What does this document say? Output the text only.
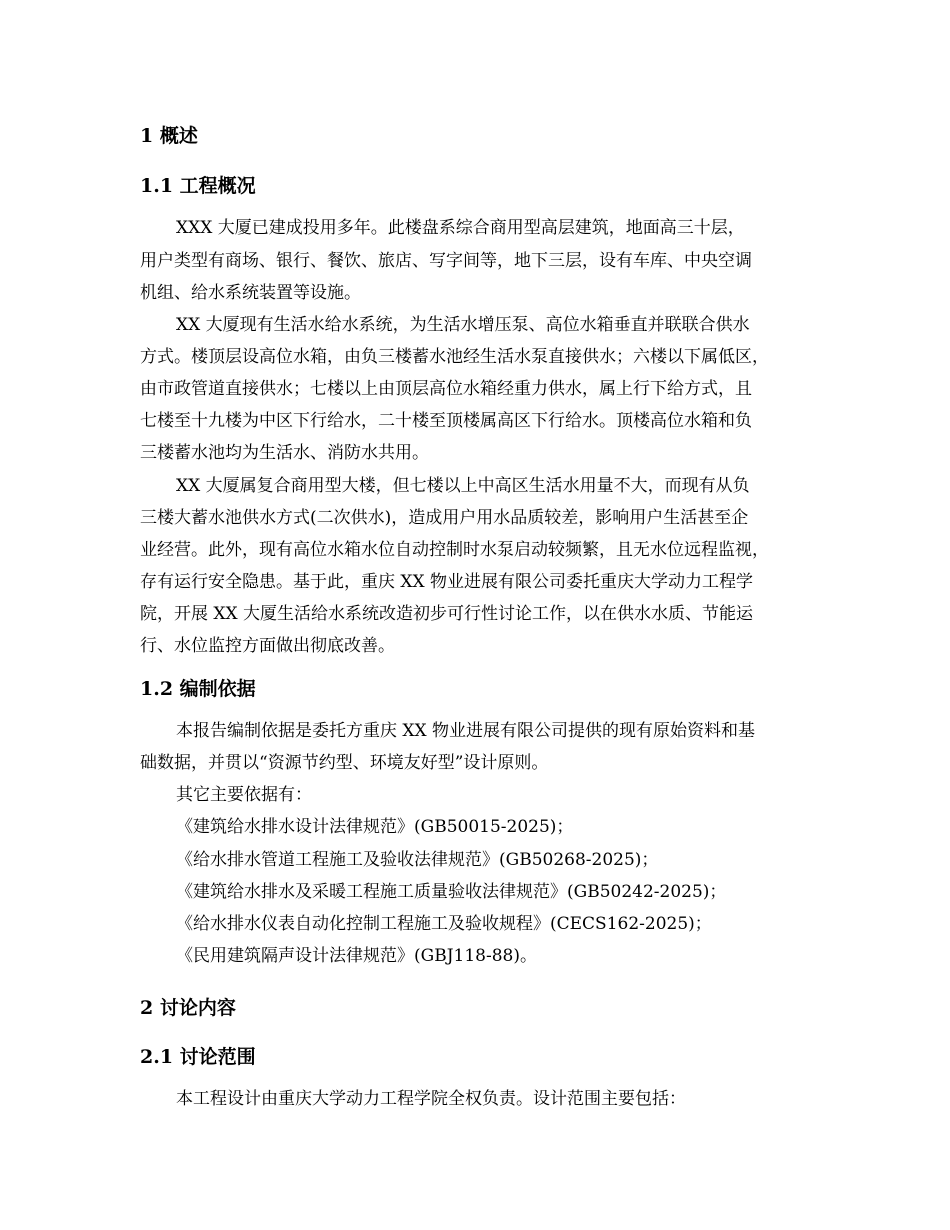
1 概述
1.1 工程概况
XXX 大厦已建成投用多年。此楼盘系综合商用型高层建筑，地面高三十层，
用户类型有商场、银行、餐饮、旅店、写字间等，地下三层，设有车库、中央空调
机组、给水系统装置等设施。
XX 大厦现有生活水给水系统，为生活水增压泵、高位水箱垂直并联联合供水
方式。楼顶层设高位水箱，由负三楼蓄水池经生活水泵直接供水；六楼以下属低区，
由市政管道直接供水；七楼以上由顶层高位水箱经重力供水，属上行下给方式，且
七楼至十九楼为中区下行给水，二十楼至顶楼属高区下行给水。顶楼高位水箱和负
三楼蓄水池均为生活水、消防水共用。
XX 大厦属复合商用型大楼，但七楼以上中高区生活水用量不大，而现有从负
三楼大蓄水池供水方式(二次供水)，造成用户用水品质较差，影响用户生活甚至企
业经营。此外，现有高位水箱水位自动控制时水泵启动较频繁，且无水位远程监视，
存有运行安全隐患。基于此，重庆 XX 物业进展有限公司委托重庆大学动力工程学
院，开展 XX 大厦生活给水系统改造初步可行性讨论工作，以在供水水质、节能运
行、水位监控方面做出彻底改善。
1.2 编制依据
本报告编制依据是委托方重庆 XX 物业进展有限公司提供的现有原始资料和基
础数据，并贯以“资源节约型、环境友好型”设计原则。
其它主要依据有：
《建筑给水排水设计法律规范》(GB50015-2025)；
《给水排水管道工程施工及验收法律规范》(GB50268-2025)；
《建筑给水排水及采暖工程施工质量验收法律规范》(GB50242-2025)；
《给水排水仪表自动化控制工程施工及验收规程》(CECS162-2025)；
《民用建筑隔声设计法律规范》(GBJ118-88)。
2 讨论内容
2.1 讨论范围
本工程设计由重庆大学动力工程学院全权负责。设计范围主要包括：
